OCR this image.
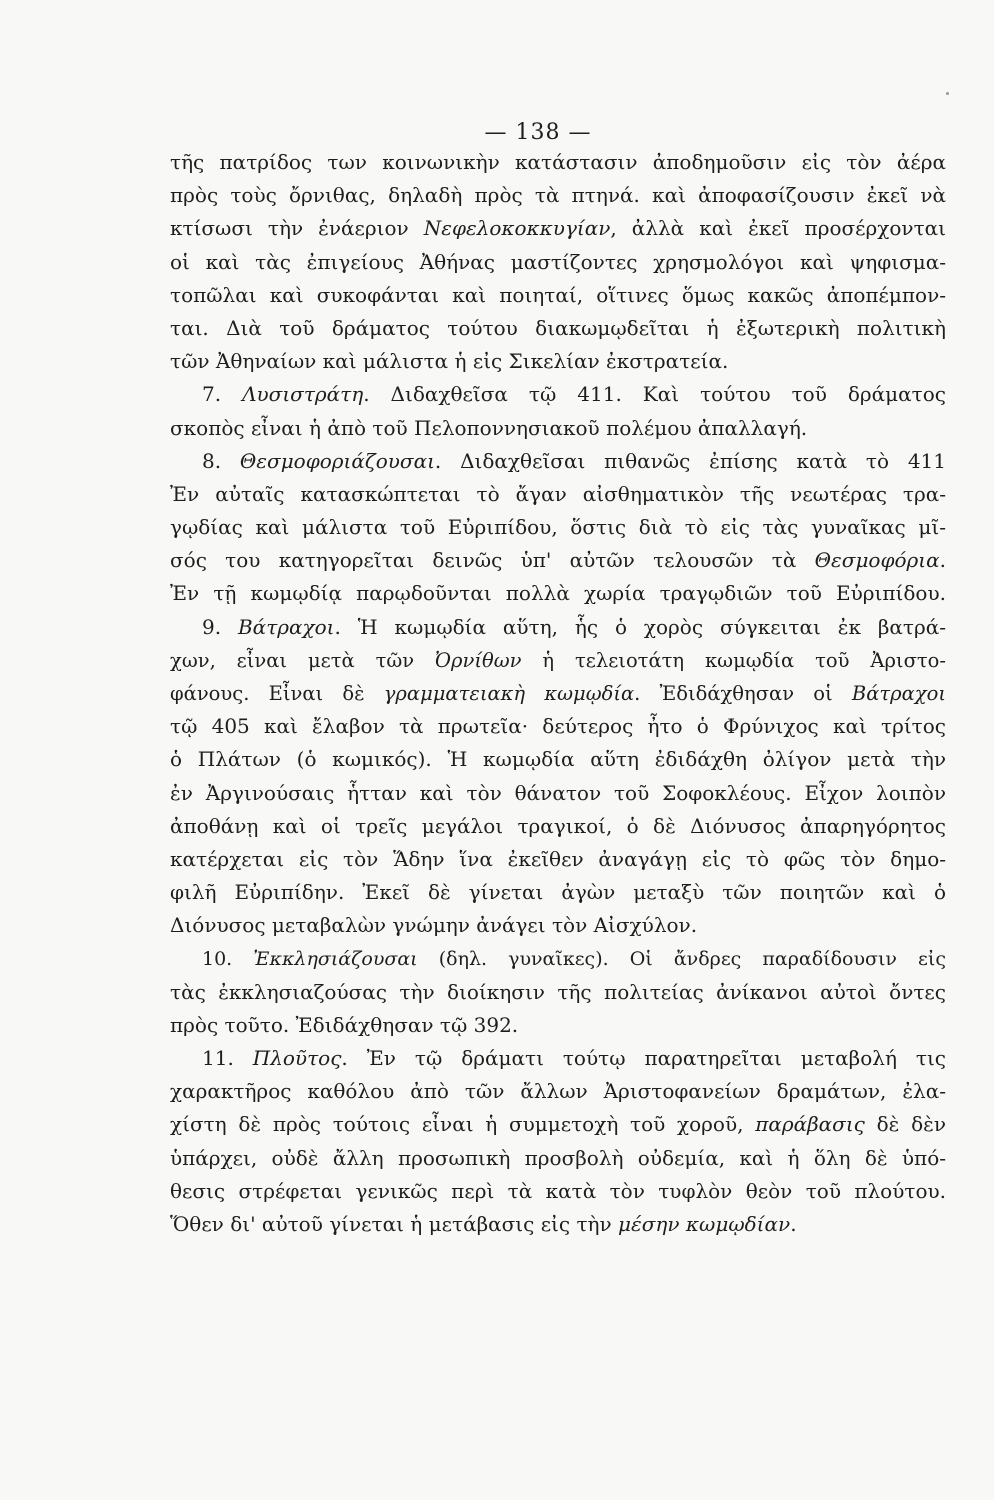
— 138 —
τῆς πατρίδος των κοινωνικὴν κατάστασιν ἀποδημοῦσιν εἰς τὸν ἀέρα
πρὸς τοὺς ὄρνιθας, δηλαδὴ πρὸς τὰ πτηνά. καὶ ἀποφασίζουσιν ἐκεῖ νὰ
κτίσωσι τὴν ἐνάεριον Νεφελοκοκκυγίαν, ἀλλὰ καὶ ἐκεῖ προσέρχονται
οἱ καὶ τὰς ἐπιγείους Ἀθήνας μαστίζοντες χρησμολόγοι καὶ ψηφισμα-
τοπῶλαι καὶ συκοφάνται καὶ ποιηταί, οἵτινες ὅμως κακῶς ἀποπέμπον-
ται. Διὰ τοῦ δράματος τούτου διακωμῳδεῖται ἡ ἐξωτερικὴ πολιτικὴ
τῶν Ἀθηναίων καὶ μάλιστα ἡ εἰς Σικελίαν ἐκστρατεία.
7. Λυσιστράτη. Διδαχθεῖσα τῷ 411. Καὶ τούτου τοῦ δράματος
σκοπὸς εἶναι ἡ ἀπὸ τοῦ Πελοποννησιακοῦ πολέμου ἀπαλλαγή.
8. Θεσμοφοριάζουσαι. Διδαχθεῖσαι πιθανῶς ἐπίσης κατὰ τὸ 411
Ἐν αὐταῖς κατασκώπτεται τὸ ἄγαν αἰσθηματικὸν τῆς νεωτέρας τρα-
γῳδίας καὶ μάλιστα τοῦ Εὐριπίδου, ὅστις διὰ τὸ εἰς τὰς γυναῖκας μῖ-
σός του κατηγορεῖται δεινῶς ὑπ' αὐτῶν τελουσῶν τὰ Θεσμοφόρια.
Ἐν τῇ κωμῳδίᾳ παρῳδοῦνται πολλὰ χωρία τραγῳδιῶν τοῦ Εὐριπίδου.
9. Βάτραχοι. Ἡ κωμῳδία αὕτη, ἧς ὁ χορὸς σύγκειται ἐκ βατρά-
χων, εἶναι μετὰ τῶν Ὀρνίθων ἡ τελειοτάτη κωμῳδία τοῦ Ἀριστο-
φάνους. Εἶναι δὲ γραμματειακὴ κωμῳδία. Ἐδιδάχθησαν οἱ Βάτραχοι
τῷ 405 καὶ ἔλαβον τὰ πρωτεῖα· δεύτερος ἦτο ὁ Φρύνιχος καὶ τρίτος
ὁ Πλάτων (ὁ κωμικός). Ἡ κωμῳδία αὕτη ἐδιδάχθη ὀλίγον μετὰ τὴν
ἐν Ἀργινούσαις ἧτταν καὶ τὸν θάνατον τοῦ Σοφοκλέους. Εἶχον λοιπὸν
ἀποθάνῃ καὶ οἱ τρεῖς μεγάλοι τραγικοί, ὁ δὲ Διόνυσος ἀπαρηγόρητος
κατέρχεται εἰς τὸν Ἅδην ἵνα ἐκεῖθεν ἀναγάγῃ εἰς τὸ φῶς τὸν δημο-
φιλῆ Εὐριπίδην. Ἐκεῖ δὲ γίνεται ἀγὼν μεταξὺ τῶν ποιητῶν καὶ ὁ
Διόνυσος μεταβαλὼν γνώμην ἀνάγει τὸν Αἰσχύλον.
10. Ἐκκλησιάζουσαι (δηλ. γυναῖκες). Οἱ ἄνδρες παραδίδουσιν εἰς
τὰς ἐκκλησιαζούσας τὴν διοίκησιν τῆς πολιτείας ἀνίκανοι αὐτοὶ ὄντες
πρὸς τοῦτο. Ἐδιδάχθησαν τῷ 392.
11. Πλοῦτος. Ἐν τῷ δράματι τούτῳ παρατηρεῖται μεταβολή τις
χαρακτῆρος καθόλου ἀπὸ τῶν ἄλλων Ἀριστοφανείων δραμάτων, ἐλα-
χίστη δὲ πρὸς τούτοις εἶναι ἡ συμμετοχὴ τοῦ χοροῦ, παράβασις δὲ δὲν
ὑπάρχει, οὐδὲ ἄλλη προσωπικὴ προσβολὴ οὐδεμία, καὶ ἡ ὅλη δὲ ὑπό-
θεσις στρέφεται γενικῶς περὶ τὰ κατὰ τὸν τυφλὸν θεὸν τοῦ πλούτου.
Ὅθεν δι' αὐτοῦ γίνεται ἡ μετάβασις εἰς τὴν μέσην κωμῳδίαν.
